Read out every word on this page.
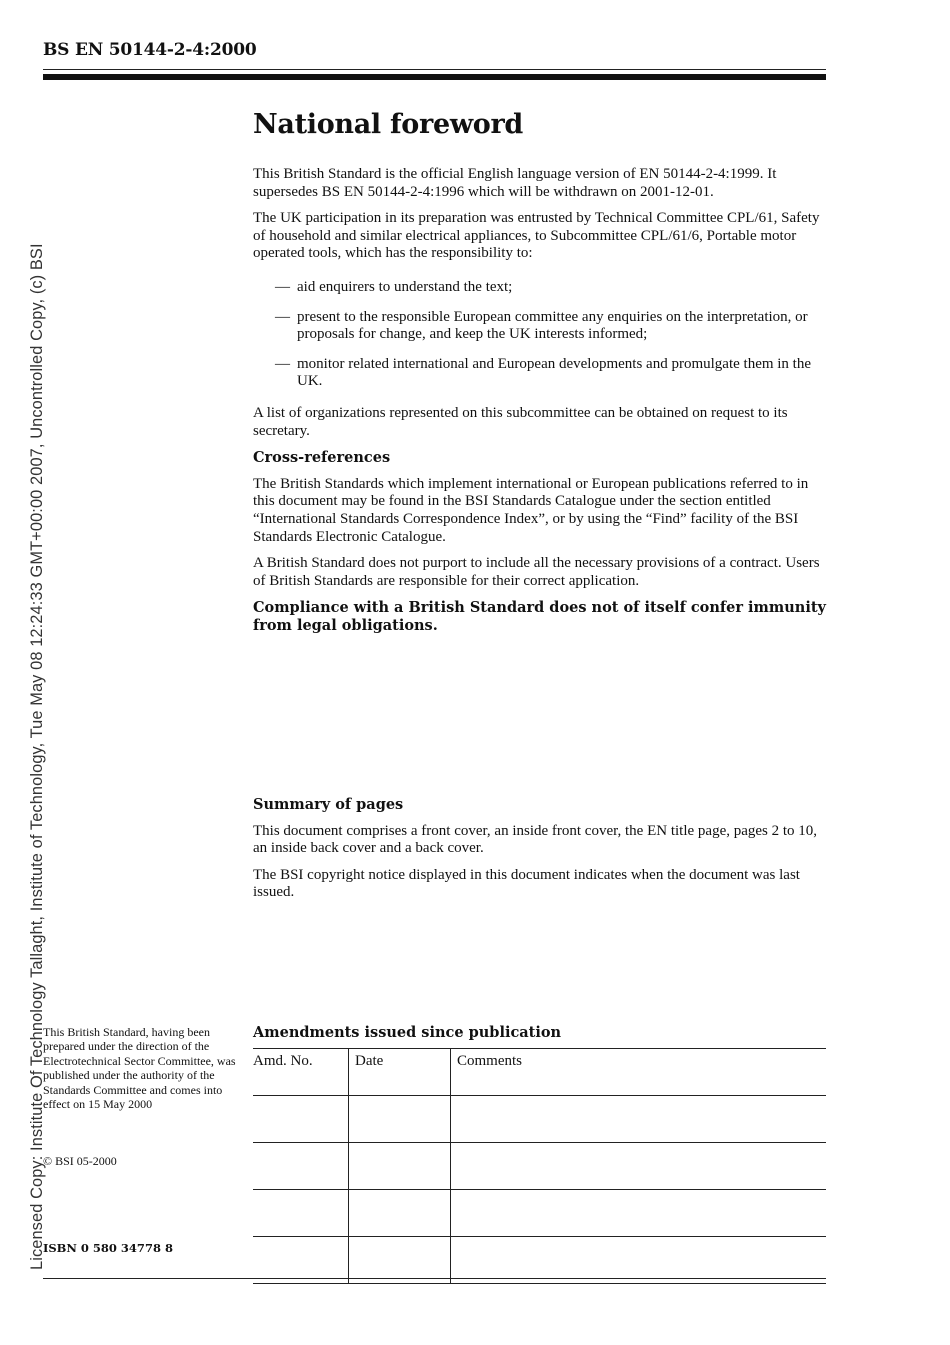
Licensed Copy: Institute Of Technology Tallaght, Institute of Technology, Tue May 08 12:24:33 GMT+00:00 2007, Uncontrolled Copy, (c) BSI
BS EN 50144-2-4:2000
National foreword

This British Standard is the official English language version of EN 50144-2-4:1999. It supersedes BS EN 50144-2-4:1996 which will be withdrawn on 2001-12-01.

The UK participation in its preparation was entrusted by Technical Committee CPL/61, Safety of household and similar electrical appliances, to Subcommittee CPL/61/6, Portable motor operated tools, which has the responsibility to:

— aid enquirers to understand the text;
— present to the responsible European committee any enquiries on the interpretation, or proposals for change, and keep the UK interests informed;
— monitor related international and European developments and promulgate them in the UK.

A list of organizations represented on this subcommittee can be obtained on request to its secretary.

Cross-references

The British Standards which implement international or European publications referred to in this document may be found in the BSI Standards Catalogue under the section entitled “International Standards Correspondence Index”, or by using the “Find” facility of the BSI Standards Electronic Catalogue.

A British Standard does not purport to include all the necessary provisions of a contract. Users of British Standards are responsible for their correct application.

Compliance with a British Standard does not of itself confer immunity from legal obligations.

Summary of pages

This document comprises a front cover, an inside front cover, the EN title page, pages 2 to 10, an inside back cover and a back cover.

The BSI copyright notice displayed in this document indicates when the document was last issued.

This British Standard, having been prepared under the direction of the Electrotechnical Sector Committee, was published under the authority of the Standards Committee and comes into effect on 15 May 2000
© BSI 05-2000
ISBN 0 580 34778 8
Amendments issued since publication
Amd. No.	Date	Comments
